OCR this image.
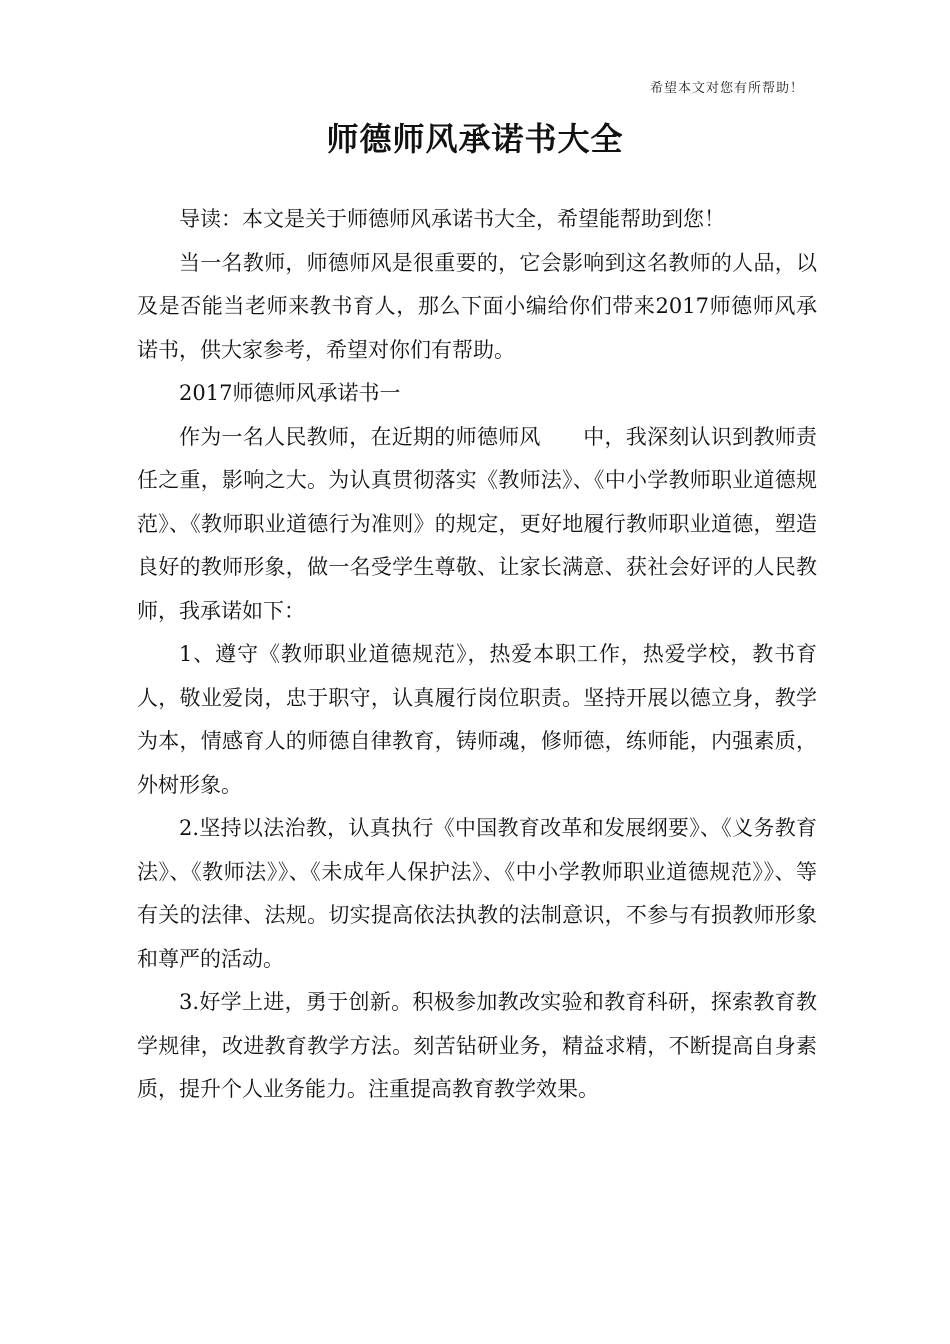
希望本文对您有所帮助！
师德师风承诺书大全

导读：本文是关于师德师风承诺书大全，希望能帮助到您！

当一名教师，师德师风是很重要的，它会影响到这名教师的人品，以及是否能当老师来教书育人，那么下面小编给你们带来2017师德师风承诺书，供大家参考，希望对你们有帮助。

2017师德师风承诺书一

作为一名人民教师，在近期的师德师风　　中，我深刻认识到教师责任之重，影响之大。为认真贯彻落实《教师法》、《中小学教师职业道德规范》、《教师职业道德行为准则》的规定，更好地履行教师职业道德，塑造良好的教师形象，做一名受学生尊敬、让家长满意、获社会好评的人民教师，我承诺如下：

1、遵守《教师职业道德规范》，热爱本职工作，热爱学校，教书育人，敬业爱岗，忠于职守，认真履行岗位职责。坚持开展以德立身，教学为本，情感育人的师德自律教育，铸师魂，修师德，练师能，内强素质，外树形象。

2.坚持以法治教，认真执行《中国教育改革和发展纲要》、《义务教育法》、《教师法》》、《未成年人保护法》、《中小学教师职业道德规范》》、等有关的法律、法规。切实提高依法执教的法制意识，不参与有损教师形象和尊严的活动。

3.好学上进，勇于创新。积极参加教改实验和教育科研，探索教育教学规律，改进教育教学方法。刻苦钻研业务，精益求精，不断提高自身素质，提升个人业务能力。注重提高教育教学效果。
